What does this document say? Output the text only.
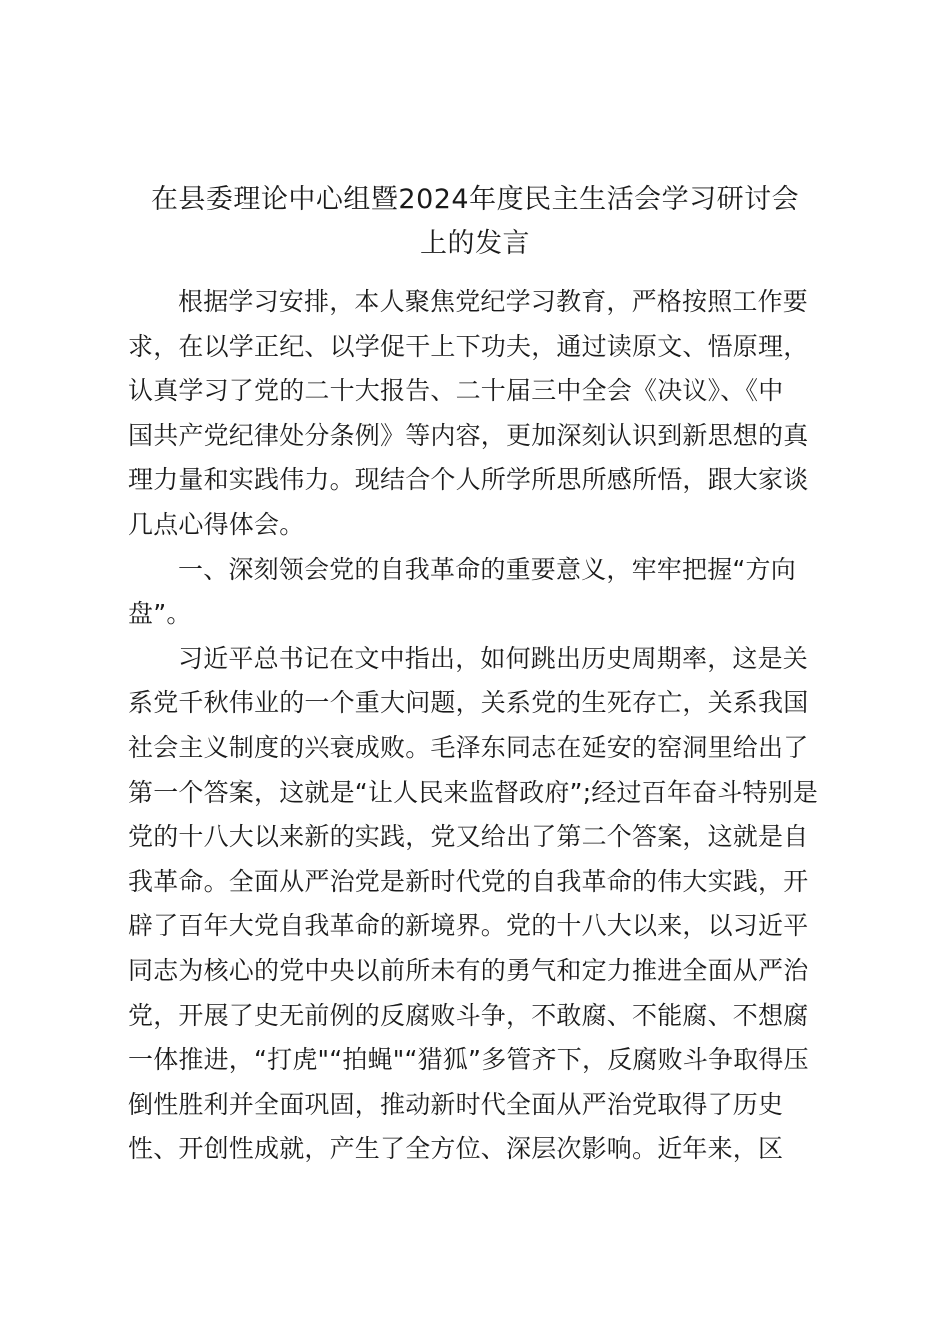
在县委理论中心组暨2024年度民主生活会学习研讨会
上的发言
根据学习安排，本人聚焦党纪学习教育，严格按照工作要
求，在以学正纪、以学促干上下功夫，通过读原文、悟原理，
认真学习了党的二十大报告、二十届三中全会《决议》、《中
国共产党纪律处分条例》等内容，更加深刻认识到新思想的真
理力量和实践伟力。现结合个人所学所思所感所悟，跟大家谈
几点心得体会。
一、深刻领会党的自我革命的重要意义，牢牢把握“方向
盘”。
习近平总书记在文中指出，如何跳出历史周期率，这是关
系党千秋伟业的一个重大问题，关系党的生死存亡，关系我国
社会主义制度的兴衰成败。毛泽东同志在延安的窑洞里给出了
第一个答案，这就是“让人民来监督政府”;经过百年奋斗特别是
党的十八大以来新的实践，党又给出了第二个答案，这就是自
我革命。全面从严治党是新时代党的自我革命的伟大实践，开
辟了百年大党自我革命的新境界。党的十八大以来，以习近平
同志为核心的党中央以前所未有的勇气和定力推进全面从严治
党，开展了史无前例的反腐败斗争，不敢腐、不能腐、不想腐
一体推进，“打虎"“拍蝇"“猎狐”多管齐下，反腐败斗争取得压
倒性胜利并全面巩固，推动新时代全面从严治党取得了历史
性、开创性成就，产生了全方位、深层次影响。近年来，区
